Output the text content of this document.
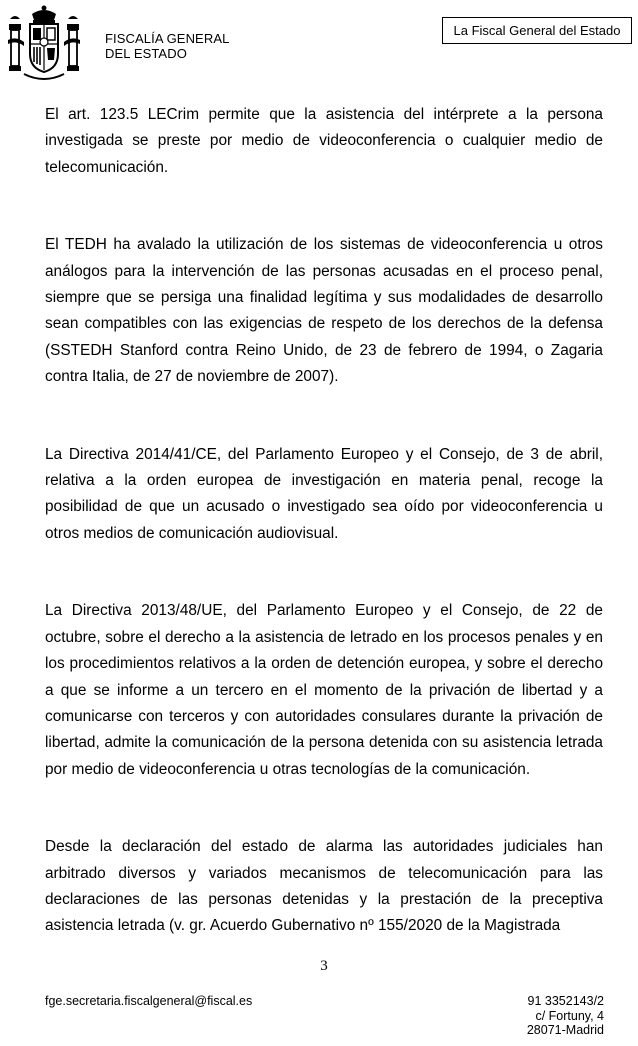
FISCALÍA GENERAL
DEL ESTADO
La Fiscal General del Estado

El art. 123.5 LECrim permite que la asistencia del intérprete a la persona investigada se preste por medio de videoconferencia o cualquier medio de telecomunicación.

El TEDH ha avalado la utilización de los sistemas de videoconferencia u otros análogos para la intervención de las personas acusadas en el proceso penal, siempre que se persiga una finalidad legítima y sus modalidades de desarrollo sean compatibles con las exigencias de respeto de los derechos de la defensa (SSTEDH Stanford contra Reino Unido, de 23 de febrero de 1994, o Zagaria contra Italia, de 27 de noviembre de 2007).

La Directiva 2014/41/CE, del Parlamento Europeo y el Consejo, de 3 de abril, relativa a la orden europea de investigación en materia penal, recoge la posibilidad de que un acusado o investigado sea oído por videoconferencia u otros medios de comunicación audiovisual.

La Directiva 2013/48/UE, del Parlamento Europeo y el Consejo, de 22 de octubre, sobre el derecho a la asistencia de letrado en los procesos penales y en los procedimientos relativos a la orden de detención europea, y sobre el derecho a que se informe a un tercero en el momento de la privación de libertad y a comunicarse con terceros y con autoridades consulares durante la privación de libertad, admite la comunicación de la persona detenida con su asistencia letrada por medio de videoconferencia u otras tecnologías de la comunicación.

Desde la declaración del estado de alarma las autoridades judiciales han arbitrado diversos y variados mecanismos de telecomunicación para las declaraciones de las personas detenidas y la prestación de la preceptiva asistencia letrada (v. gr. Acuerdo Gubernativo nº 155/2020 de la Magistrada

3
fge.secretaria.fiscalgeneral@fiscal.es	91 3352143/2
c/ Fortuny, 4
28071-Madrid
